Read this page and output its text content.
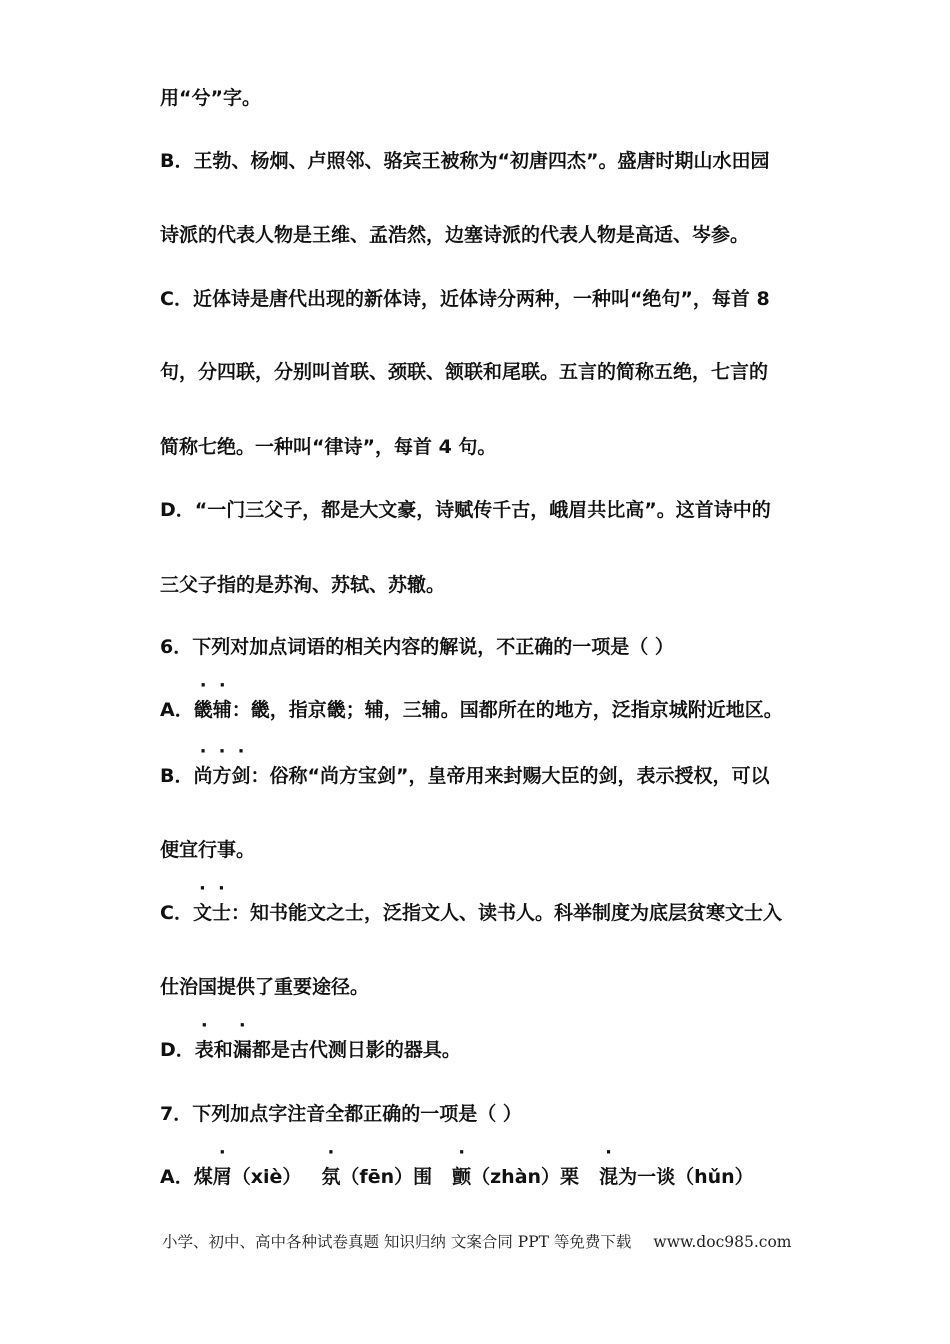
用“兮”字。
B．王勃、杨炯、卢照邻、骆宾王被称为“初唐四杰”。盛唐时期山水田园
诗派的代表人物是王维、孟浩然，边塞诗派的代表人物是高适、岑参。
C．近体诗是唐代出现的新体诗，近体诗分两种，一种叫“绝句”，每首 8
句，分四联，分别叫首联、颈联、颔联和尾联。五言的简称五绝，七言的
简称七绝。一种叫“律诗”，每首 4 句。
D．“一门三父子，都是大文豪，诗赋传千古，峨眉共比高”。这首诗中的
三父子指的是苏洵、苏轼、苏辙。
6．下列对加点词语的相关内容的解说，不正确的一项是（ ）
A．畿辅：畿，指京畿；辅，三辅。国都所在的地方，泛指京城附近地区。
B．尚方剑：俗称“尚方宝剑”，皇帝用来封赐大臣的剑，表示授权，可以
便宜行事。
C．文士：知书能文之士，泛指文人、读书人。科举制度为底层贫寒文士入
仕治国提供了重要途径。
D．表和漏都是古代测日影的器具。
7．下列加点字注音全都正确的一项是（ ）
A．煤屑（xiè） 氛（fēn）围 颤（zhàn）栗 混为一谈（hǔn）
小学、初中、高中各种试卷真题 知识归纳 文案合同 PPT 等免费下载 www.doc985.com
